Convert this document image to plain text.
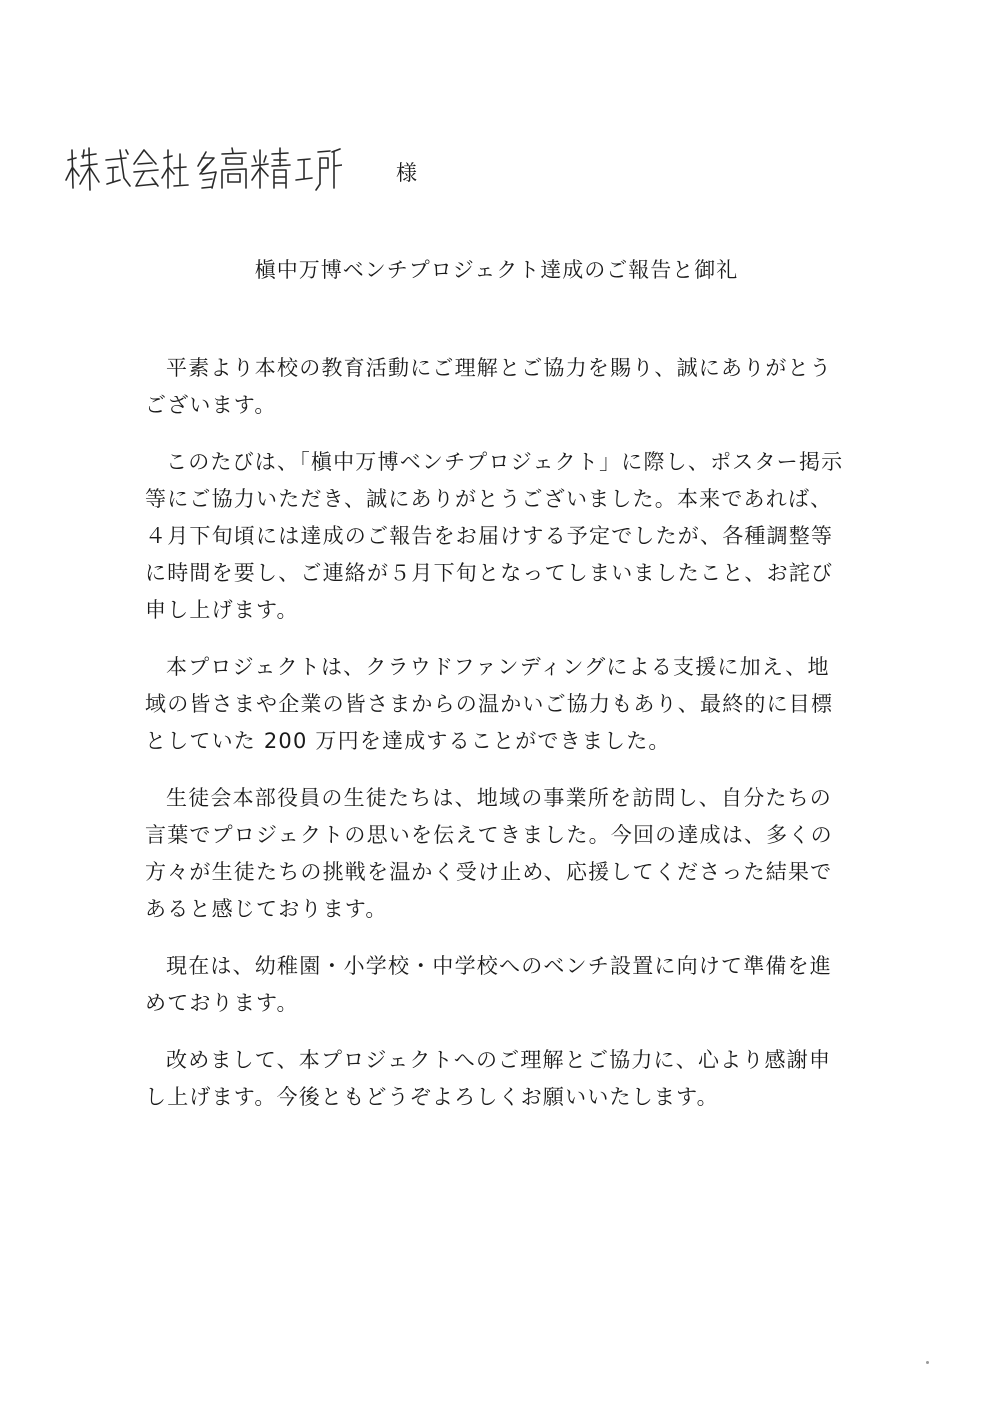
様
槇中万博ベンチプロジェクト達成のご報告と御礼

平素より本校の教育活動にご理解とご協力を賜り、誠にありがとうございます。

このたびは、「槇中万博ベンチプロジェクト」に際し、ポスター掲示等にご協力いただき、誠にありがとうございました。本来であれば、４月下旬頃には達成のご報告をお届けする予定でしたが、各種調整等に時間を要し、ご連絡が５月下旬となってしまいましたこと、お詫び申し上げます。

本プロジェクトは、クラウドファンディングによる支援に加え、地域の皆さまや企業の皆さまからの温かいご協力もあり、最終的に目標としていた 200 万円を達成することができました。

生徒会本部役員の生徒たちは、地域の事業所を訪問し、自分たちの言葉でプロジェクトの思いを伝えてきました。今回の達成は、多くの方々が生徒たちの挑戦を温かく受け止め、応援してくださった結果であると感じております。

現在は、幼稚園・小学校・中学校へのベンチ設置に向けて準備を進めております。

改めまして、本プロジェクトへのご理解とご協力に、心より感謝申し上げます。今後ともどうぞよろしくお願いいたします。
